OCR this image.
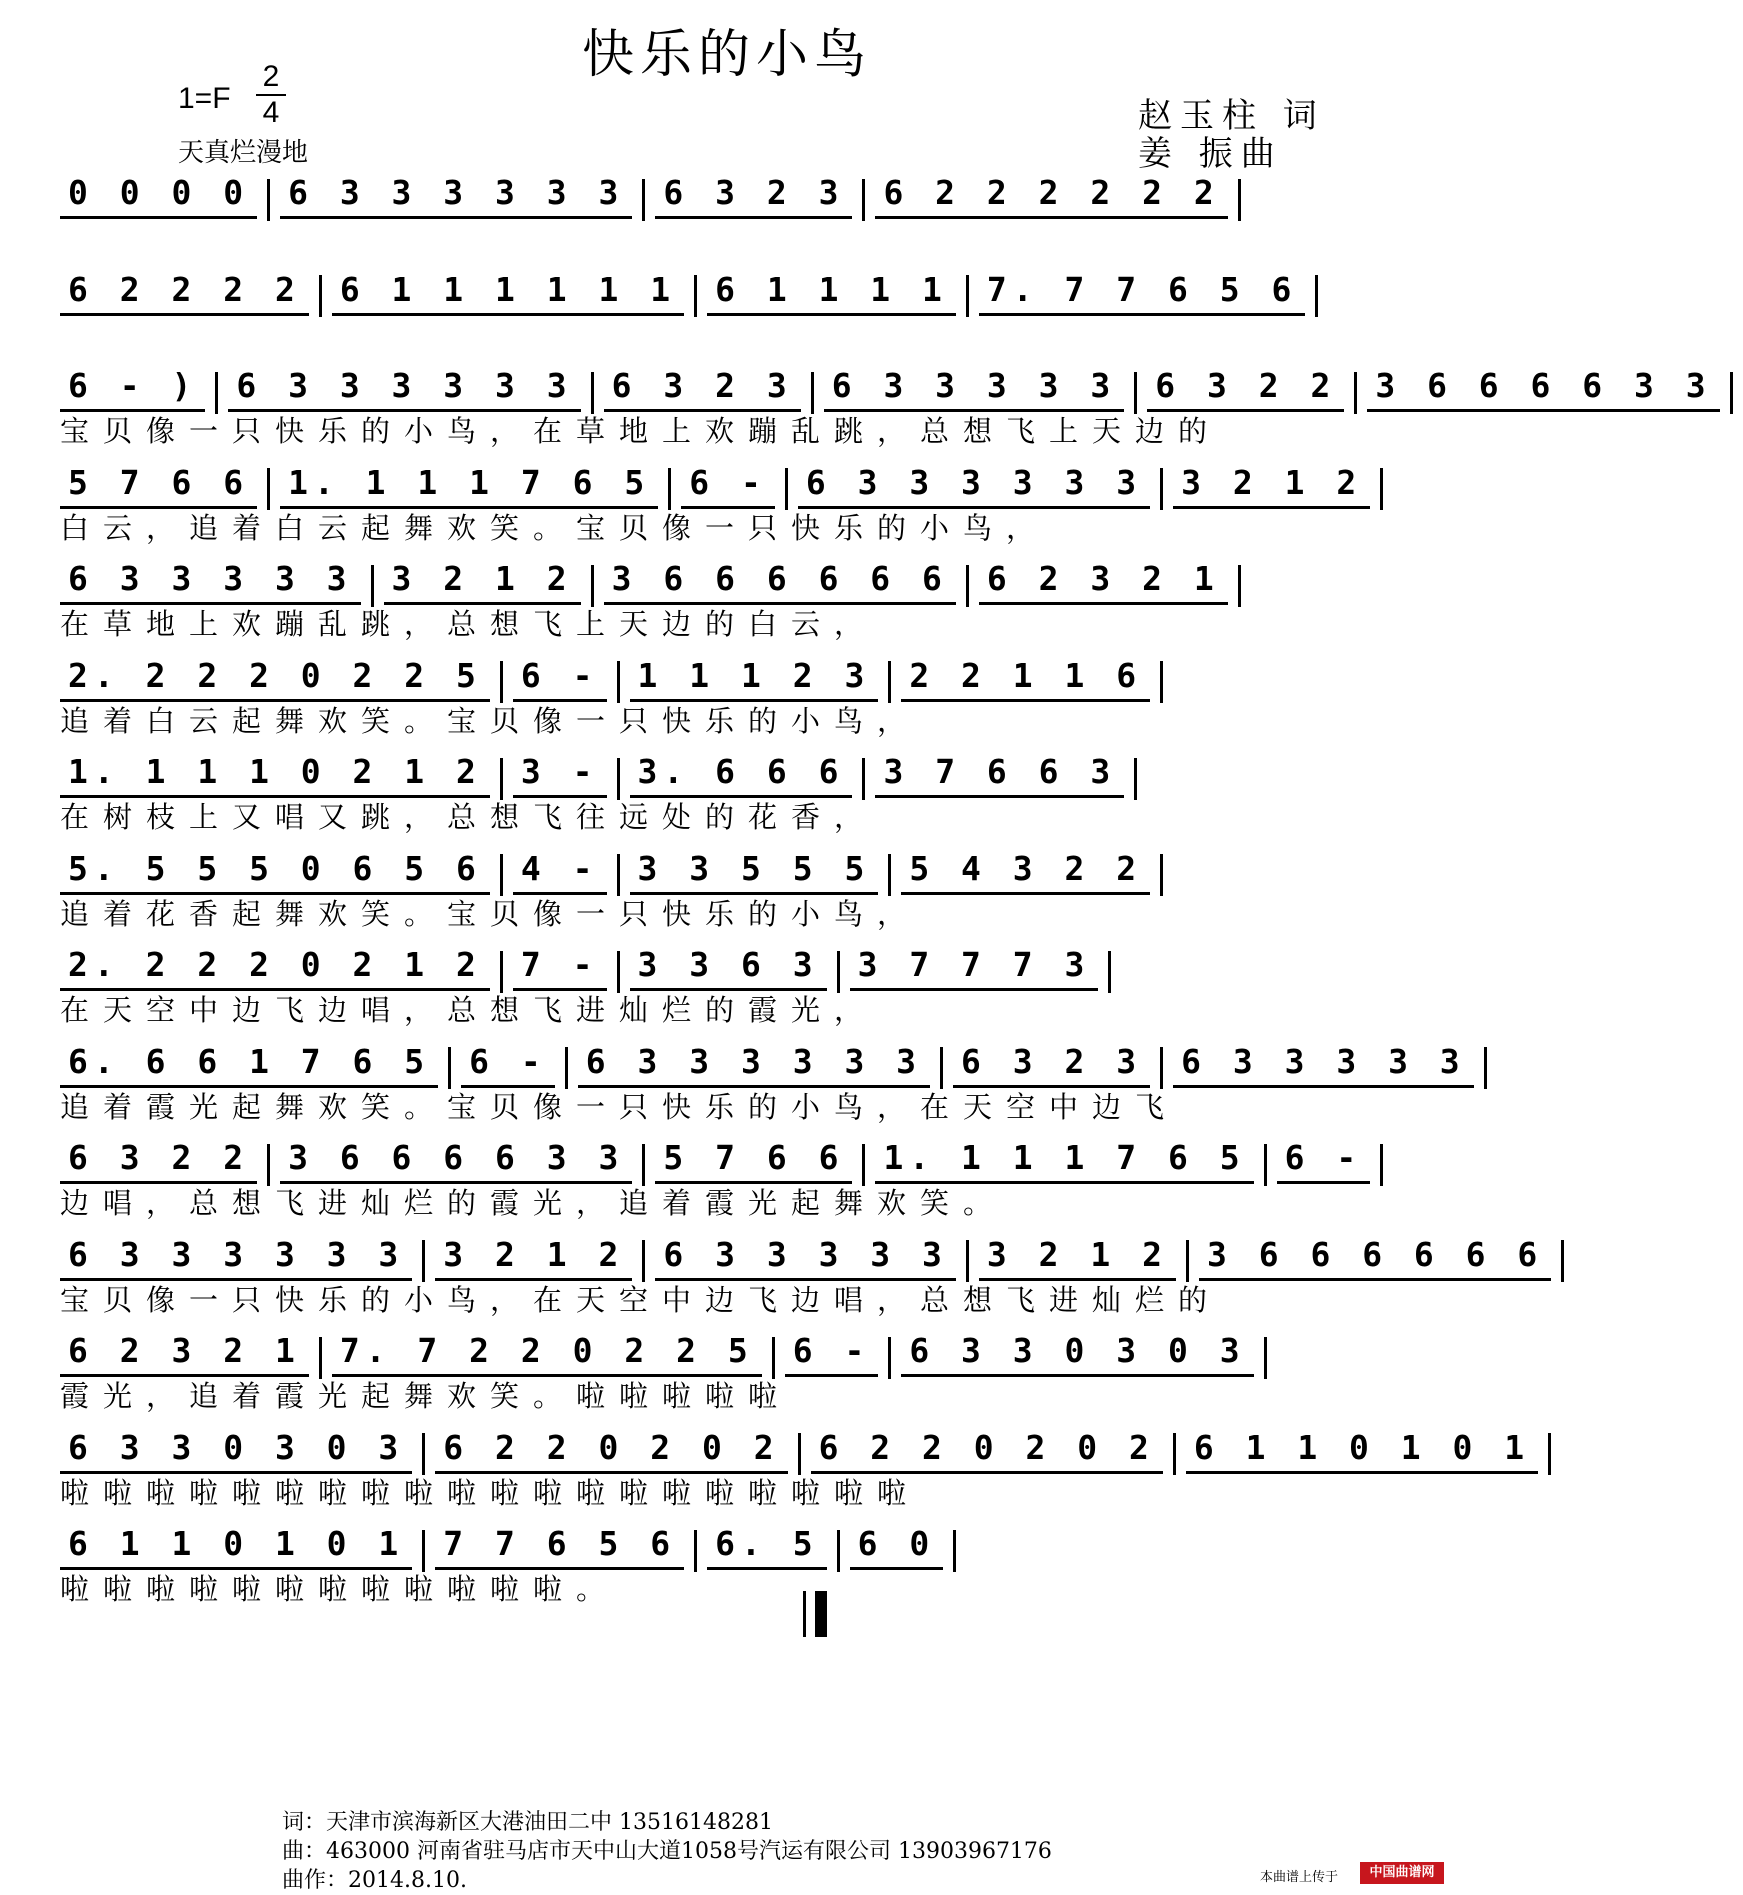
快乐的小鸟
1=F
2
4
天真烂漫地
赵玉柱 词
姜 振曲
0 0 0 0 6 3 3 3 3 3 3 6 3 2 3 6 2 2 2 2 2 2
6 2 2 2 2 6 1 1 1 1 1 1 6 1 1 1 1 7. 7 7 6 5 6
6 - ) 6 3 3 3 3 3 3 6 3 2 3 6 3 3 3 3 3 6 3 2 2 3 6 6 6 6 3 3
宝贝像一只快乐的小鸟，在草地上欢蹦乱跳，总想飞上天边的
5 7 6 6 1. 1 1 1 7 6 5 6 - 6 3 3 3 3 3 3 3 2 1 2
白云，追着白云起舞欢笑。宝贝像一只快乐的小鸟，
6 3 3 3 3 3 3 2 1 2 3 6 6 6 6 6 6 6 2 3 2 1
在草地上欢蹦乱跳，总想飞上天边的白云，
2. 2 2 2 0 2 2 5 6 - 1 1 1 2 3 2 2 1 1 6
追着白云起舞欢笑。宝贝像一只快乐的小鸟，
1. 1 1 1 0 2 1 2 3 - 3. 6 6 6 3 7 6 6 3
在树枝上又唱又跳，总想飞往远处的花香，
5. 5 5 5 0 6 5 6 4 - 3 3 5 5 5 5 4 3 2 2
追着花香起舞欢笑。宝贝像一只快乐的小鸟，
2. 2 2 2 0 2 1 2 7 - 3 3 6 3 3 7 7 7 3
在天空中边飞边唱，总想飞进灿烂的霞光，
6. 6 6 1 7 6 5 6 - 6 3 3 3 3 3 3 6 3 2 3 6 3 3 3 3 3
追着霞光起舞欢笑。宝贝像一只快乐的小鸟，在天空中边飞
6 3 2 2 3 6 6 6 6 3 3 5 7 6 6 1. 1 1 1 7 6 5 6 -
边唱，总想飞进灿烂的霞光，追着霞光起舞欢笑。
6 3 3 3 3 3 3 3 2 1 2 6 3 3 3 3 3 3 2 1 2 3 6 6 6 6 6 6
宝贝像一只快乐的小鸟，在天空中边飞边唱，总想飞进灿烂的
6 2 3 2 1 7. 7 2 2 0 2 2 5 6 - 6 3 3 0 3 0 3
霞光，追着霞光起舞欢笑。啦啦啦啦啦
6 3 3 0 3 0 3 6 2 2 0 2 0 2 6 2 2 0 2 0 2 6 1 1 0 1 0 1
啦啦啦啦啦啦啦啦啦啦啦啦啦啦啦啦啦啦啦啦
6 1 1 0 1 0 1 7 7 6 5 6 6. 5 6 0
啦啦啦啦啦啦啦啦啦啦啦啦。
词：天津市滨海新区大港油田二中 13516148281
曲：463000 河南省驻马店市天中山大道1058号汽运有限公司 13903967176
曲作：2014.8.10.	本曲谱上传于	中国曲谱网
